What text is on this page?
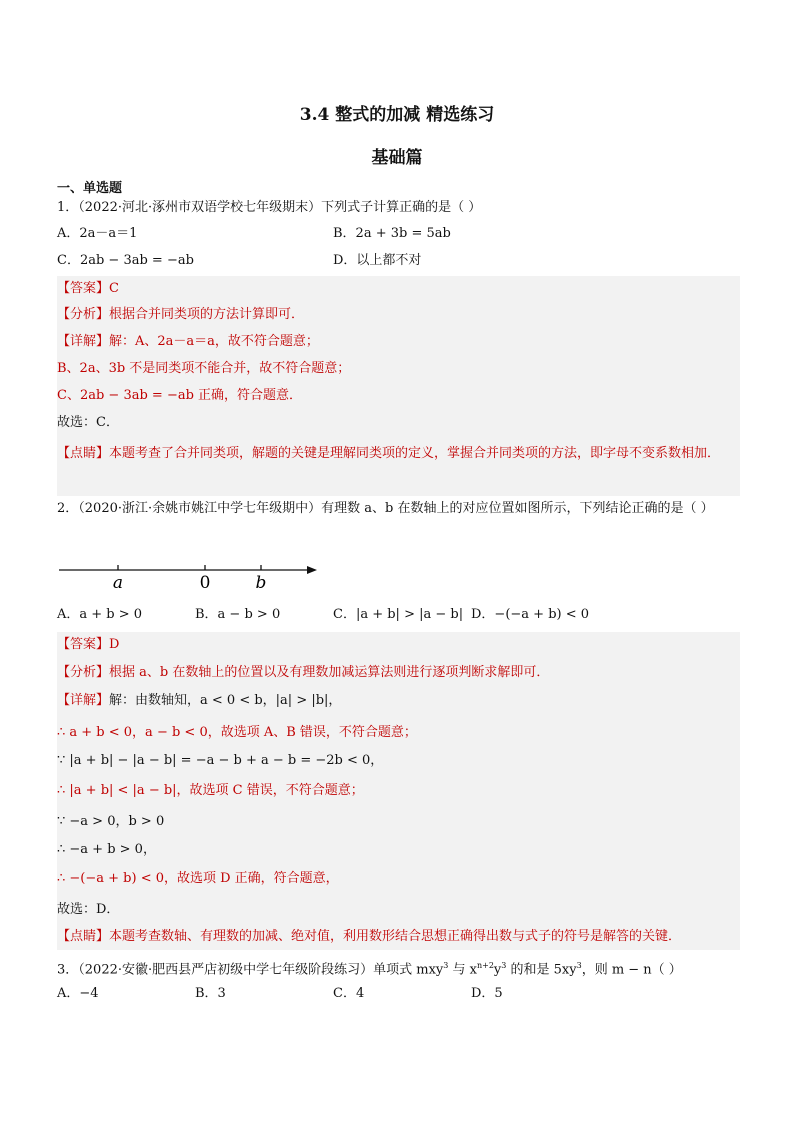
3.4 整式的加减 精选练习
基础篇
一、单选题
1．（2022·河北·涿州市双语学校七年级期末）下列式子计算正确的是（ ）
A．2a－a＝1	B．2a + 3b = 5ab
C．2ab − 3ab = −ab	D．以上都不对
【答案】C
【分析】根据合并同类项的方法计算即可．
【详解】解：A、2a－a＝a，故不符合题意；
B、2a、3b 不是同类项不能合并，故不符合题意；
C、2ab − 3ab = −ab 正确，符合题意．
故选：C．
【点睛】本题考查了合并同类项，解题的关键是理解同类项的定义，掌握合并同类项的方法，即字母不变系数相加．
2．（2020·浙江·余姚市姚江中学七年级期中）有理数 a、b 在数轴上的对应位置如图所示，下列结论正确的是（ ）
a	0	b
A．a + b > 0	B．a − b > 0	C．|a + b| > |a − b| D．−(−a + b) < 0
【答案】D
【分析】根据 a、b 在数轴上的位置以及有理数加减运算法则进行逐项判断求解即可．
【详解】解：由数轴知，a < 0 < b，|a| > |b|，
∴ a + b < 0，a − b < 0，故选项 A、B 错误，不符合题意；
∵ |a + b| − |a − b| = −a − b + a − b = −2b < 0，
∴ |a + b| < |a − b|，故选项 C 错误，不符合题意；
∵ −a > 0，b > 0
∴ −a + b > 0，
∴ −(−a + b) < 0，故选项 D 正确，符合题意，
故选：D．
【点睛】本题考查数轴、有理数的加减、绝对值，利用数形结合思想正确得出数与式子的符号是解答的关键．
3．（2022·安徽·肥西县严店初级中学七年级阶段练习）单项式 mxy$^3$ 与 $x^{n+2}y^3$ 的和是 $5xy^3$，则 m − n（ ）
A．−4	B．3	C．4	D．5
